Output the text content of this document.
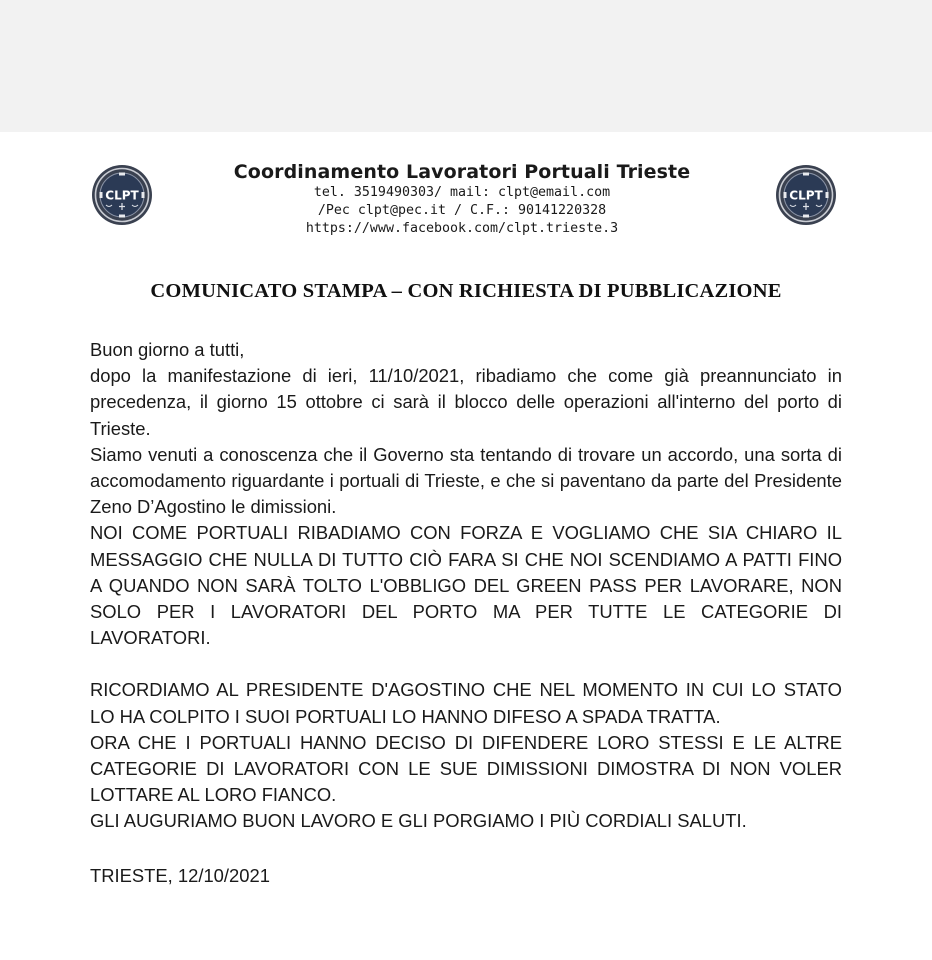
CLPT	CLPT
Coordinamento Lavoratori Portuali Trieste
tel. 3519490303/ mail: clpt@email.com
/Pec clpt@pec.it / C.F.: 90141220328
https://www.facebook.com/clpt.trieste.3
COMUNICATO STAMPA – CON RICHIESTA DI PUBBLICAZIONE

Buon giorno a tutti,

dopo la manifestazione di ieri, 11/10/2021, ribadiamo che come già preannunciato in precedenza, il giorno 15 ottobre ci sarà il blocco delle operazioni all'interno del porto di Trieste.

Siamo venuti a conoscenza che il Governo sta tentando di trovare un accordo, una sorta di accomodamento riguardante i portuali di Trieste, e che si paventano da parte del Presidente Zeno D’Agostino le dimissioni.

NOI COME PORTUALI RIBADIAMO CON FORZA E VOGLIAMO CHE SIA CHIARO IL MESSAGGIO CHE NULLA DI TUTTO CIÒ FARA SI CHE NOI SCENDIAMO A PATTI FINO A QUANDO NON SARÀ TOLTO L'OBBLIGO DEL GREEN PASS PER LAVORARE, NON SOLO PER I LAVORATORI DEL PORTO MA PER TUTTE LE CATEGORIE DI LAVORATORI.

RICORDIAMO AL PRESIDENTE D'AGOSTINO CHE NEL MOMENTO IN CUI LO STATO LO HA COLPITO I SUOI PORTUALI LO HANNO DIFESO A SPADA TRATTA.

ORA CHE I PORTUALI HANNO DECISO DI DIFENDERE LORO STESSI E LE ALTRE CATEGORIE DI LAVORATORI CON LE SUE DIMISSIONI DIMOSTRA DI NON VOLER LOTTARE AL LORO FIANCO.

GLI AUGURIAMO BUON LAVORO E GLI PORGIAMO I PIÙ CORDIALI SALUTI.

TRIESTE, 12/10/2021
